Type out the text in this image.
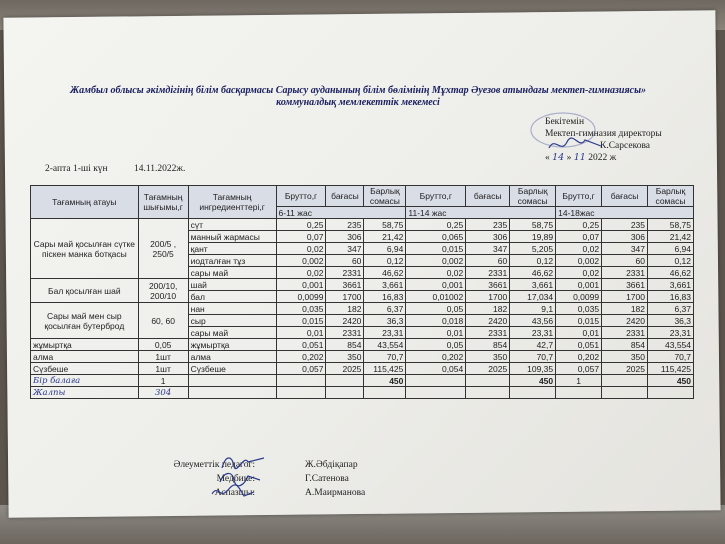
Жамбыл облысы әкімдігінің білім басқармасы Сарысу ауданының білім бөлімінің Мұхтар Әуезов атындағы мектеп-гимназиясы»
коммуналдық мемлекеттік мекемесі
Бекітемін
Мектеп-гимназия директоры
К.Сарсекова
« 14 » 11 2022 ж
2-апта 1-ші күн	14.11.2022ж.
Тағамның атауы	Тағамның шығымы,г	Тағамның ингредиенттері,г	Брутто,г	бағасы	Барлық сомасы	Брутто,г	бағасы	Барлық сомасы	Брутто,г	бағасы	Барлық сомасы
			6-11 жас			11-14 жас			14-18жас		
Сары май қосылған сүтке піскен манка ботқасы	200/5 , 250/5	сүт	0,25	235	58,75	0,25	235	58,75	0,25	235	58,75
		манный жармасы	0,07	306	21,42	0,065	306	19,89	0,07	306	21,42
		қант	0,02	347	6,94	0,015	347	5,205	0,02	347	6,94
		иодталған тұз	0,002	60	0,12	0,002	60	0,12	0,002	60	0,12
		сары май	0,02	2331	46,62	0,02	2331	46,62	0,02	2331	46,62
Бал қосылған шай	200/10, 200/10	шай	0,001	3661	3,661	0,001	3661	3,661	0,001	3661	3,661
		бал	0,0099	1700	16,83	0,01002	1700	17,034	0,0099	1700	16,83
Сары май мен сыр қосылған бутерброд	60, 60	нан	0,035	182	6,37	0,05	182	9,1	0,035	182	6,37
		сыр	0,015	2420	36,3	0,018	2420	43,56	0,015	2420	36,3
		сары май	0,01	2331	23,31	0,01	2331	23,31	0,01	2331	23,31
жұмыртқа	0,05	жұмыртқа	0,051	854	43,554	0,05	854	42,7	0,051	854	43,554
алма	1шт	алма	0,202	350	70,7	0,202	350	70,7	0,202	350	70,7
Сүзбеше	1шт	Сүзбеше	0,057	2025	115,425	0,054	2025	109,35	0,057	2025	115,425
Бір балаға	1				450			450	1		450
Жалпы	304										
Әлеуметтік педагог:	Ж.Әбдіқапар
Медбике:	Г.Сатенова
Аспазшы:	А.Маирманова
